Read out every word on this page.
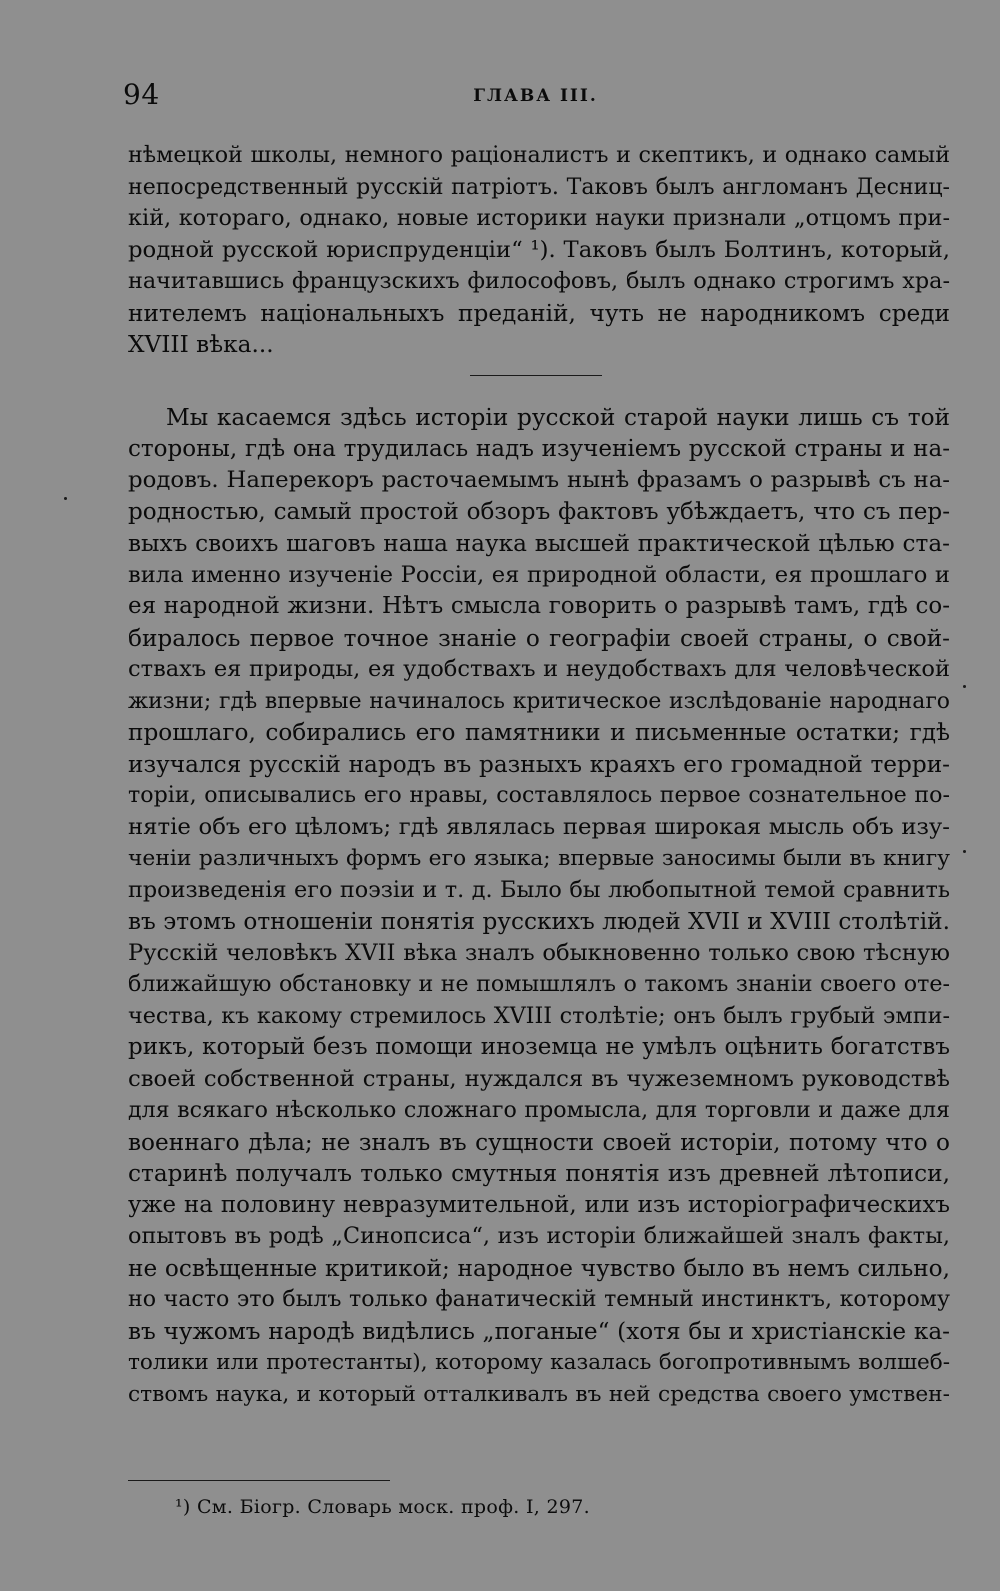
94	ГЛАВА III.
нѣмецкой школы, немного раціоналистъ и скептикъ, и однако самый
непосредственный русскій патріотъ. Таковъ былъ англоманъ Десниц-
кій, котораго, однако, новые историки науки признали „отцомъ при-
родной русской юриспруденціи“ ¹). Таковъ былъ Болтинъ, который,
начитавшись французскихъ философовъ, былъ однако строгимъ хра-
нителемъ національныхъ преданій, чуть не народникомъ среди
XVIII вѣка...
Мы касаемся здѣсь исторіи русской старой науки лишь съ той
стороны, гдѣ она трудилась надъ изученіемъ русской страны и на-
родовъ. Наперекоръ расточаемымъ нынѣ фразамъ о разрывѣ съ на-
родностью, самый простой обзоръ фактовъ убѣждаетъ, что съ пер-
выхъ своихъ шаговъ наша наука высшей практической цѣлью ста-
вила именно изученіе Россіи, ея природной области, ея прошлаго и
ея народной жизни. Нѣтъ смысла говорить о разрывѣ тамъ, гдѣ со-
биралось первое точное знаніе о географіи своей страны, о свой-
ствахъ ея природы, ея удобствахъ и неудобствахъ для человѣческой
жизни; гдѣ впервые начиналось критическое изслѣдованіе народнаго
прошлаго, собирались его памятники и письменные остатки; гдѣ
изучался русскій народъ въ разныхъ краяхъ его громадной терри-
торіи, описывались его нравы, составлялось первое сознательное по-
нятіе объ его цѣломъ; гдѣ являлась первая широкая мысль объ изу-
ченіи различныхъ формъ его языка; впервые заносимы были въ книгу
произведенія его поэзіи и т. д. Было бы любопытной темой сравнить
въ этомъ отношеніи понятія русскихъ людей XVII и XVIII столѣтій.
Русскій человѣкъ XVII вѣка зналъ обыкновенно только свою тѣсную
ближайшую обстановку и не помышлялъ о такомъ знаніи своего оте-
чества, къ какому стремилось XVIII столѣтіе; онъ былъ грубый эмпи-
рикъ, который безъ помощи иноземца не умѣлъ оцѣнить богатствъ
своей собственной страны, нуждался въ чужеземномъ руководствѣ
для всякаго нѣсколько сложнаго промысла, для торговли и даже для
военнаго дѣла; не зналъ въ сущности своей исторіи, потому что о
старинѣ получалъ только смутныя понятія изъ древней лѣтописи,
уже на половину невразумительной, или изъ исторіографическихъ
опытовъ въ родѣ „Синопсиса“, изъ исторіи ближайшей зналъ факты,
не освѣщенные критикой; народное чувство было въ немъ сильно,
но часто это былъ только фанатическій темный инстинктъ, которому
въ чужомъ народѣ видѣлись „поганые“ (хотя бы и христіанскіе ка-
толики или протестанты), которому казалась богопротивнымъ волшеб-
ствомъ наука, и который отталкивалъ въ ней средства своего умствен-
¹) См. Біогр. Словарь моск. проф. I, 297.
